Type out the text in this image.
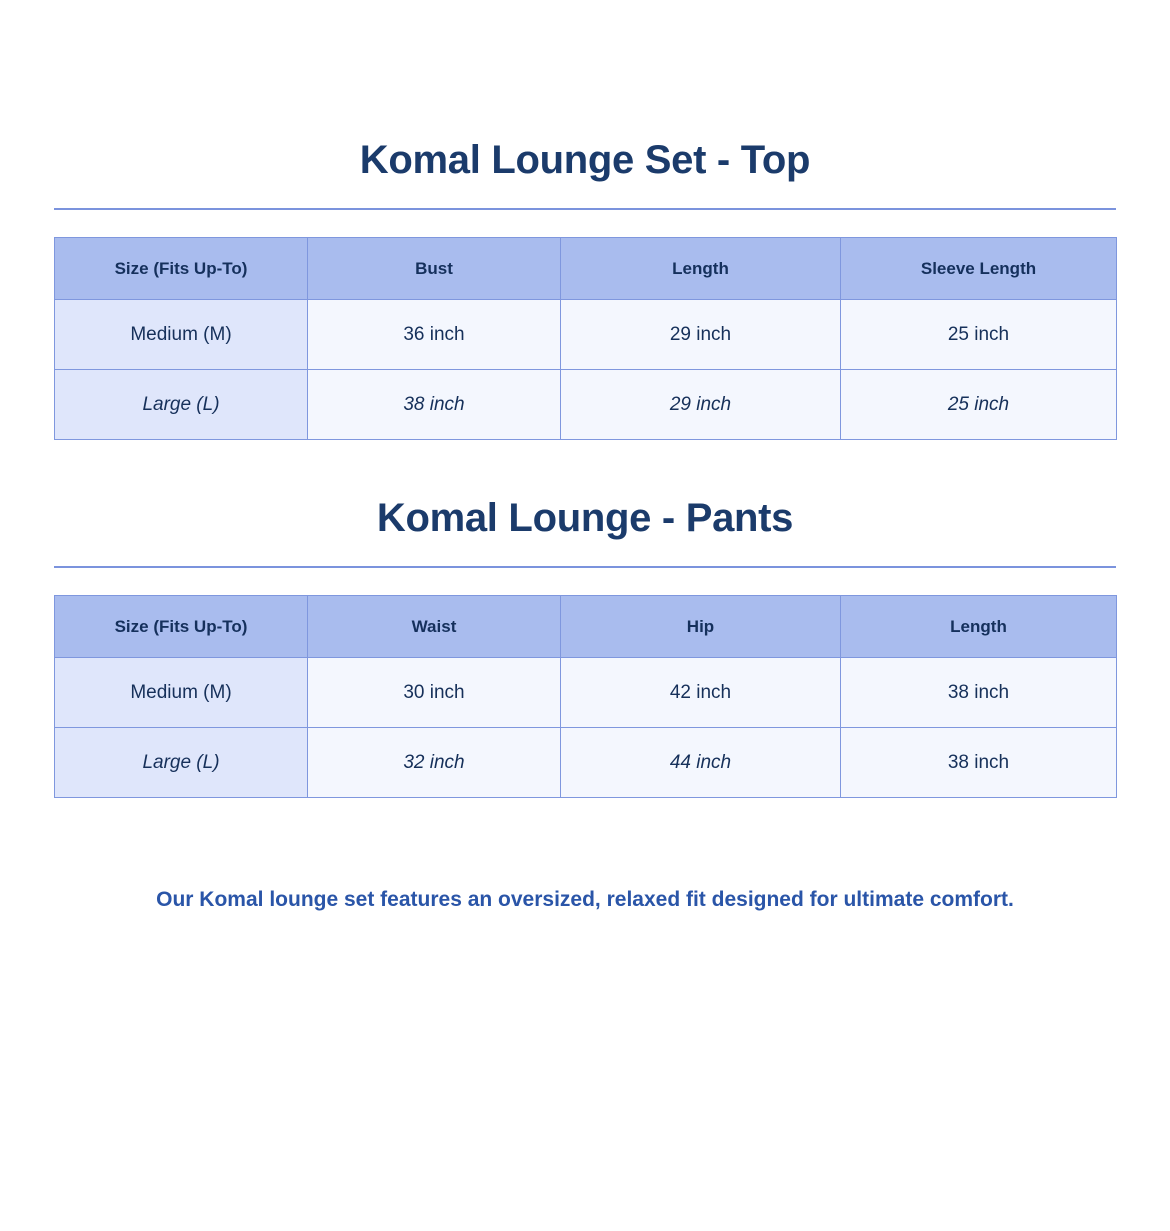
Komal Lounge Set - Top
Size (Fits Up-To)	Bust	Length	Sleeve Length
Medium (M)	36 inch	29 inch	25 inch
Large (L)	38 inch	29 inch	25 inch
Komal Lounge - Pants
Size (Fits Up-To)	Waist	Hip	Length
Medium (M)	30 inch	42 inch	38 inch
Large (L)	32 inch	44 inch	38 inch

Our Komal lounge set features an oversized, relaxed fit designed for ultimate comfort.
